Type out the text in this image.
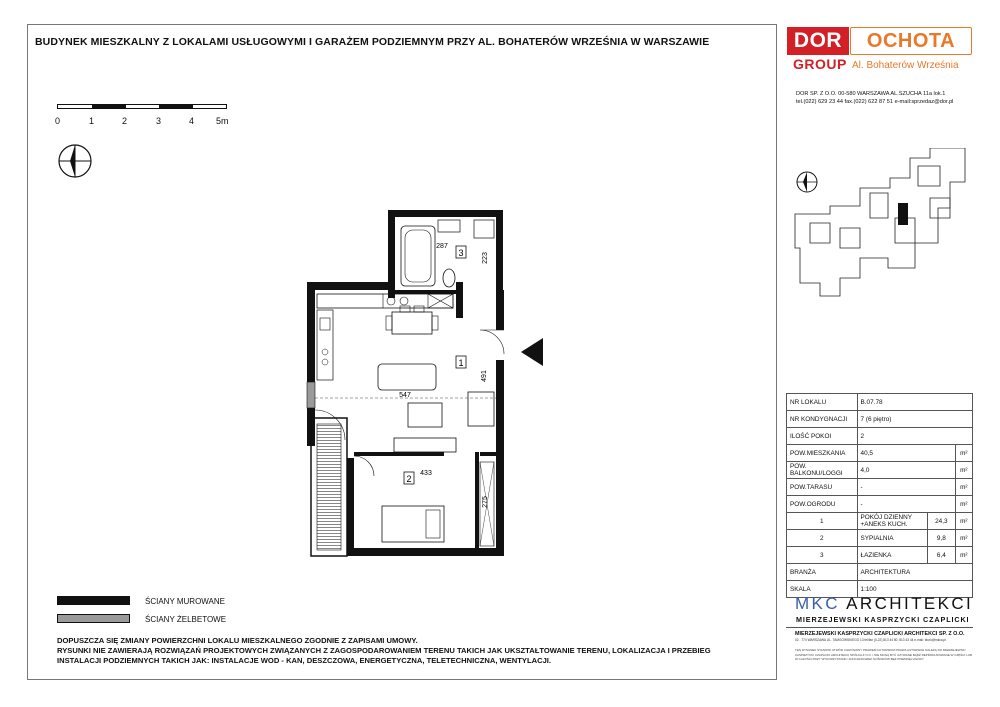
BUDYNEK MIESZKALNY Z LOKALAMI USŁUGOWYMI I GARAŻEM PODZIEMNYM PRZY AL. BOHATERÓW WRZEŚNIA W WARSZAWIE
0	1	2	3	4 5m
3
1
2
287
223
547
491
433
275
ŚCIANY MUROWANE
ŚCIANY ŻELBETOWE
DOPUSZCZA SIĘ ZMIANY POWIERZCHNI LOKALU MIESZKALNEGO ZGODNIE Z ZAPISAMI UMOWY.
RYSUNKI NIE ZAWIERAJĄ ROZWIĄZAŃ PROJEKTOWYCH ZWIĄZANYCH Z ZAGOSPODAROWANIEM TERENU TAKICH JAK UKSZTAŁTOWANIE TERENU, LOKALIZACJA I PRZEBIEG
INSTALACJI PODZIEMNYCH TAKICH JAK: INSTALACJE WOD - KAN, DESZCZOWA, ENERGETYCZNA, TELETECHNICZNA, WENTYLACJI.
DOR	OCHOTA
GROUP Al. Bohaterów Września
DOR SP. Z O.O. 00-580 WARSZAWA AL.SZUCHA 11a lok.1
tel.(022) 629 23 44 fax.(022) 622 87 51 e-mail:sprzedaz@dor.pl
NR LOKALU	B.07.78		
NR KONDYGNACJI	7 (6 piętro)		
ILOŚĆ POKOI	2		
POW.MIESZKANIA	40,5		m²
POW. BALKONU/LOGGI	4,0		m²
POW.TARASU	-		m²
POW.OGRODU	-		m²
1	POKÓJ DZIENNY +ANEKS KUCH.	24,3	m²
2	SYPIALNIA	9,8	m²
3	ŁAZIENKA	6,4	m²
BRANŻA	ARCHITEKTURA		
SKALA	1:100		
MKC ARCHITEKCI
MIERZEJEWSKI KASPRZYCKI CZAPLICKI
MIERZEJEWSKI KASPRZYCKI CZAPLICKI ARCHITEKCI SP. Z O.O.
02 - 774 WARSZAWA UL. TAMGOWSKIEGO 13 tel/fax (0-22) 813 44 80, 813 43 44 e-mail: biuro@mkca.pl
TEN RYSUNEK STANOWI UTWÓR CHRONIONY PRAWEM AUTORSKIM PRAWA AUTORSKIE NALEŻĄ DO MIERZEJEWSKI KASPRZYCKI CZAPLICKI ARCHITEKCI SPÓŁKA Z O.O. I NIE MOGĄ BYĆ UŻYWANE BĄDŹ REPRODUKOWANE W CZĘŚCI LUB W CAŁOŚCI PRZY WYKORZYSTANIU JAKICHKOLWIEK NOŚNIKÓW BEZ PISEMNEJ ZGODY
